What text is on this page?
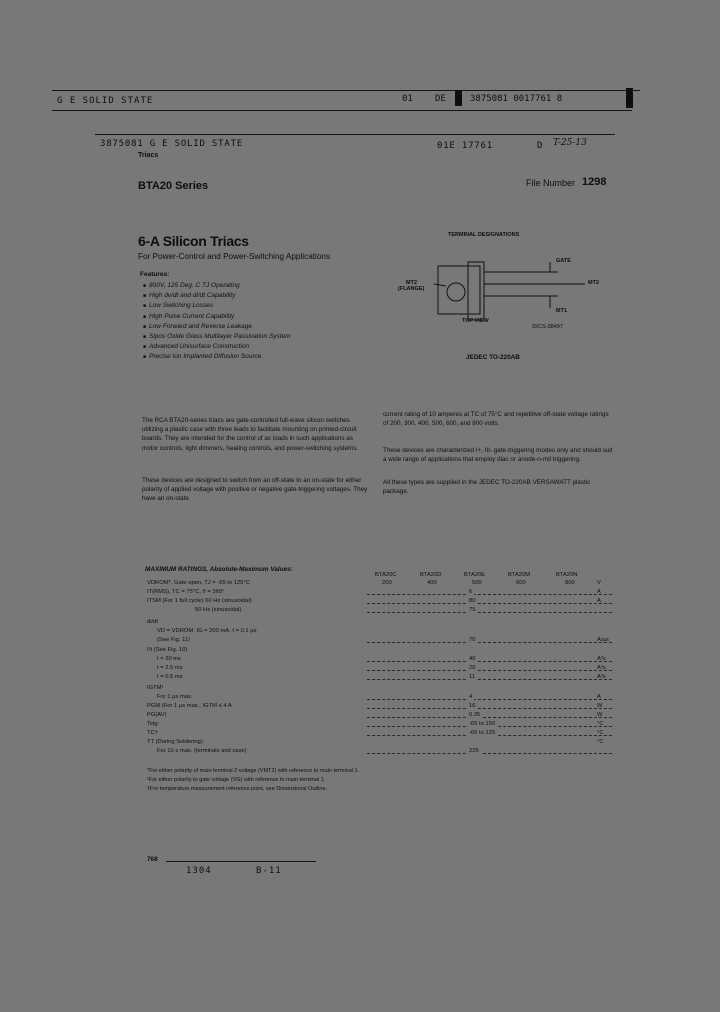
G E SOLID STATE	01 DE	3875081 0017761 8
3875081 G E SOLID STATE	01E 17761	D T-25-13
Triacs
BTA20 Series	File Number 1298
6-A Silicon Triacs
For Power-Control and Power-Switching Applications
Features:
■ 800V, 125 Deg. C TJ Operating
■ High dv/dt and di/dt Capability
■ Low Switching Losses
■ High Pulse Current Capability
■ Low Forward and Reverse Leakage
■ Sipos Oxide Glass Multilayer Passivation System
■ Advanced Unisurface Construction
■ Precise Ion Implanted Diffusion Source
TERMINAL DESIGNATIONS
GATE
MT2
MT2
(FLANGE)
MT1
TOP VIEW
92CS-38497
JEDEC TO-220AB
The RCA BTA20-series triacs are gate-controlled full-wave silicon switches utilizing a plastic case with three leads to facilitate mounting on printed-circuit boards. They are intended for the control of ac loads in such applications as motor controls, light dimmers, heating controls, and power-switching systems.
These devices are designed to switch from an off-state to an on-state for either polarity of applied voltage with positive or negative gate-triggering voltages. They have an on-state
current rating of 10 amperes at TC of 75°C and repetitive off-state voltage ratings of 200, 300, 400, 500, 600, and 800 volts.
These devices are characterized I+, III- gate-triggering modes only and should suit a wide range of applications that employ diac or anode-n-mil triggering.
All these types are supplied in the JEDEC TO-220AB VERSAWATT plastic package.
MAXIMUM RATINGS, Absolute-Maximum Values:
BTA20C	BTA20D	BTA20E	BTA20M	BTA20N
200	400	500	600	800
VDROM*, Gate open, TJ = -65 to 125°C	V
IT(RMS), TC = 75°C, θ = 360°	6	A
ITSM (For 1 full cycle) 60 Hz (sinusoidal)	80	A
50 Hz (sinusoidal)	75
di/dt
VD = VDROM, IG = 200 mA, t = 0.1 µs
(See Fig. 11)	70	A/µs
I²t (See Fig. 10)
t = 20 ms	40	A²s
t = 2.5 ms	20	A²s
t = 0.5 ms	11	A²s
IGTM¹
For 1 µs max.	4	A
PGM (For 1 µs max., IGTM ≤ 4 A	16	W
PG(AV)	0.35	W
Tstg	-65 to 150	°C
TC†	-65 to 125	°C
TT (During Soldering):	°C
For 10 s max. (terminals and case)	225
*For either polarity of main terminal 2 voltage (VMT2) with reference to main terminal 1.
¹For either polarity to gate voltage (VG) with reference to main terminal 1.
†For temperature measurement reference point, see Dimensional Outline.
768
1304	B-11
